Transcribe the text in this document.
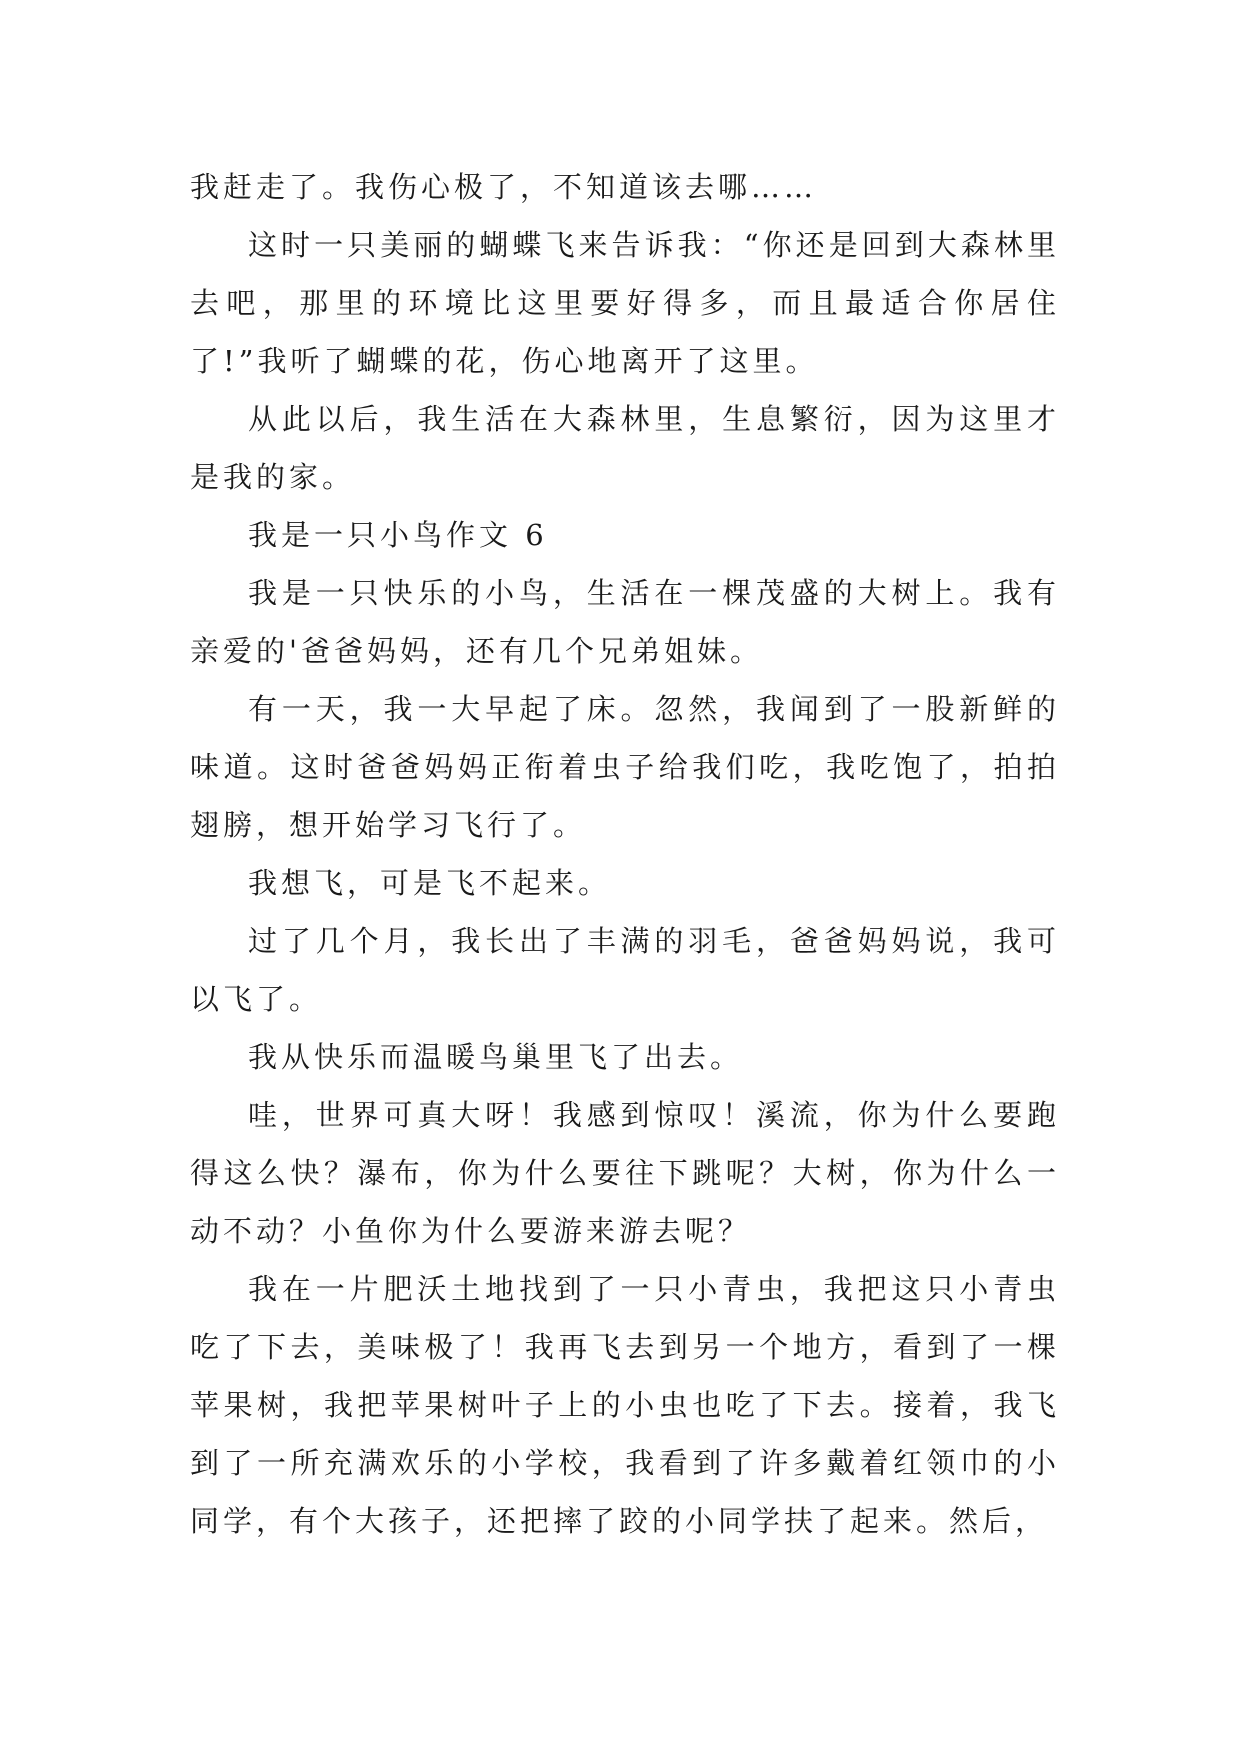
我赶走了。我伤心极了，不知道该去哪……

这时一只美丽的蝴蝶飞来告诉我：“你还是回到大森林里去吧，那里的环境比这里要好得多，而且最适合你居住了!”我听了蝴蝶的花，伤心地离开了这里。

从此以后，我生活在大森林里，生息繁衍，因为这里才是我的家。

我是一只小鸟作文 6

我是一只快乐的小鸟，生活在一棵茂盛的大树上。我有亲爱的'爸爸妈妈，还有几个兄弟姐妹。

有一天，我一大早起了床。忽然，我闻到了一股新鲜的味道。这时爸爸妈妈正衔着虫子给我们吃，我吃饱了，拍拍翅膀，想开始学习飞行了。

我想飞，可是飞不起来。

过了几个月，我长出了丰满的羽毛，爸爸妈妈说，我可以飞了。

我从快乐而温暖鸟巢里飞了出去。

哇，世界可真大呀！我感到惊叹！溪流，你为什么要跑得这么快？瀑布，你为什么要往下跳呢？大树，你为什么一动不动？小鱼你为什么要游来游去呢？

我在一片肥沃土地找到了一只小青虫，我把这只小青虫吃了下去，美味极了！我再飞去到另一个地方，看到了一棵苹果树，我把苹果树叶子上的小虫也吃了下去。接着，我飞到了一所充满欢乐的小学校，我看到了许多戴着红领巾的小同学，有个大孩子，还把摔了跤的小同学扶了起来。然后，
